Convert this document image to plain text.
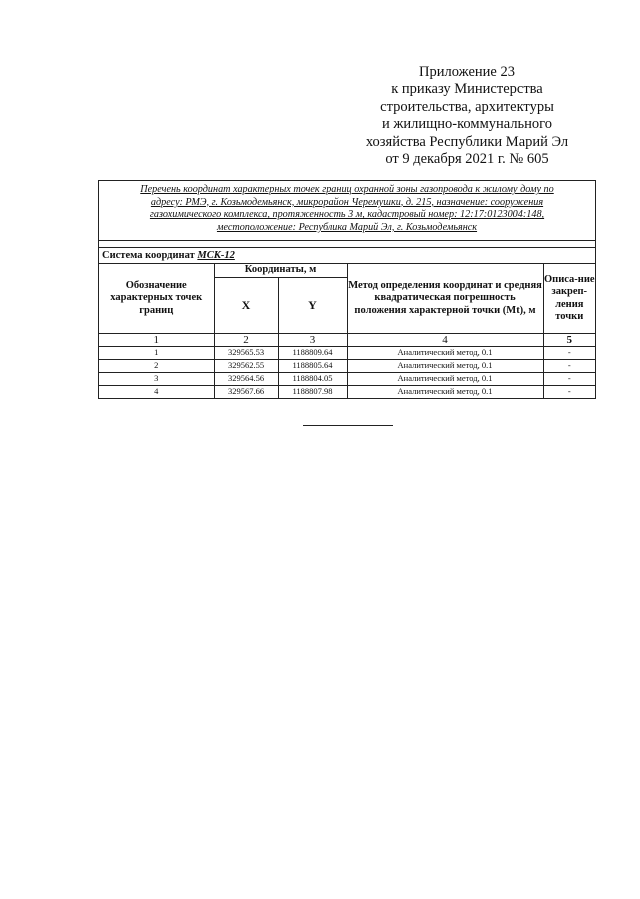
Приложение 23
к приказу Министерства
строительства, архитектуры
и жилищно-коммунального
хозяйства Республики Марий Эл
от 9 декабря 2021 г. № 605
Перечень координат характерных точек границ охранной зоны газопровода к жилому дому по
адресу: РМЭ, г. Козьмодемьянск, микрорайон Черемушки, д. 215, назначение: сооружения
газохимического комплекса, протяженность 3 м, кадастровый номер: 12:17:0123004:148,
местоположение: Республика Марий Эл, г. Козьмодемьянск
Система координат МСК-12
Обозначение характерных точек границ	Координаты, м		Метод определения координат и средняя квадратическая погрешность положения характерной точки (Mt), м	Описа-ние закреп-ления точки
	X	Y		
1	2	3	4	5
1	329565.53	1188809.64	Аналитический метод, 0.1	-
2	329562.55	1188805.64	Аналитический метод, 0.1	-
3	329564.56	1188804.05	Аналитический метод, 0.1	-
4	329567.66	1188807.98	Аналитический метод, 0.1	-
